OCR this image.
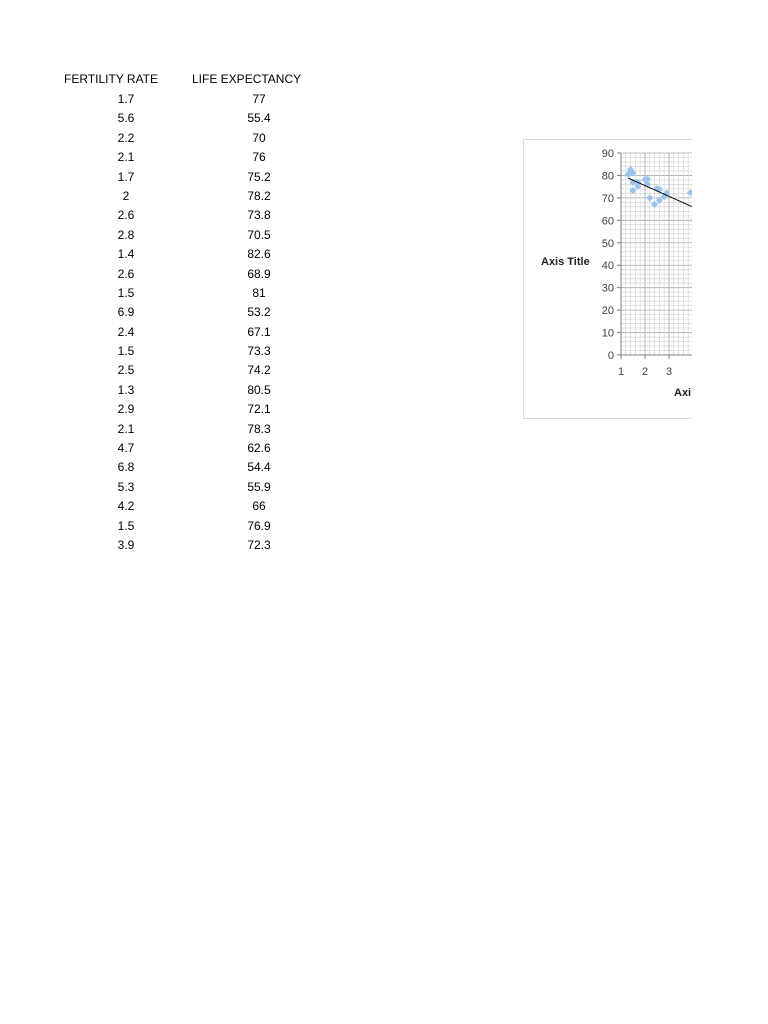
FERTILITY RATE	LIFE EXPECTANCY
1.7	77
5.6	55.4
2.2	70
2.1	76
1.7	75.2
2	78.2
2.6	73.8
2.8	70.5
1.4	82.6
2.6	68.9
1.5	81
6.9	53.2
2.4	67.1
1.5	73.3
2.5	74.2
1.3	80.5
2.9	72.1
2.1	78.3
4.7	62.6
6.8	54.4
5.3	55.9
4.2	66
1.5	76.9
3.9	72.3
0
10
20
30
40
50
60
70
80
90
1 2 3
Axis Title
Axi
